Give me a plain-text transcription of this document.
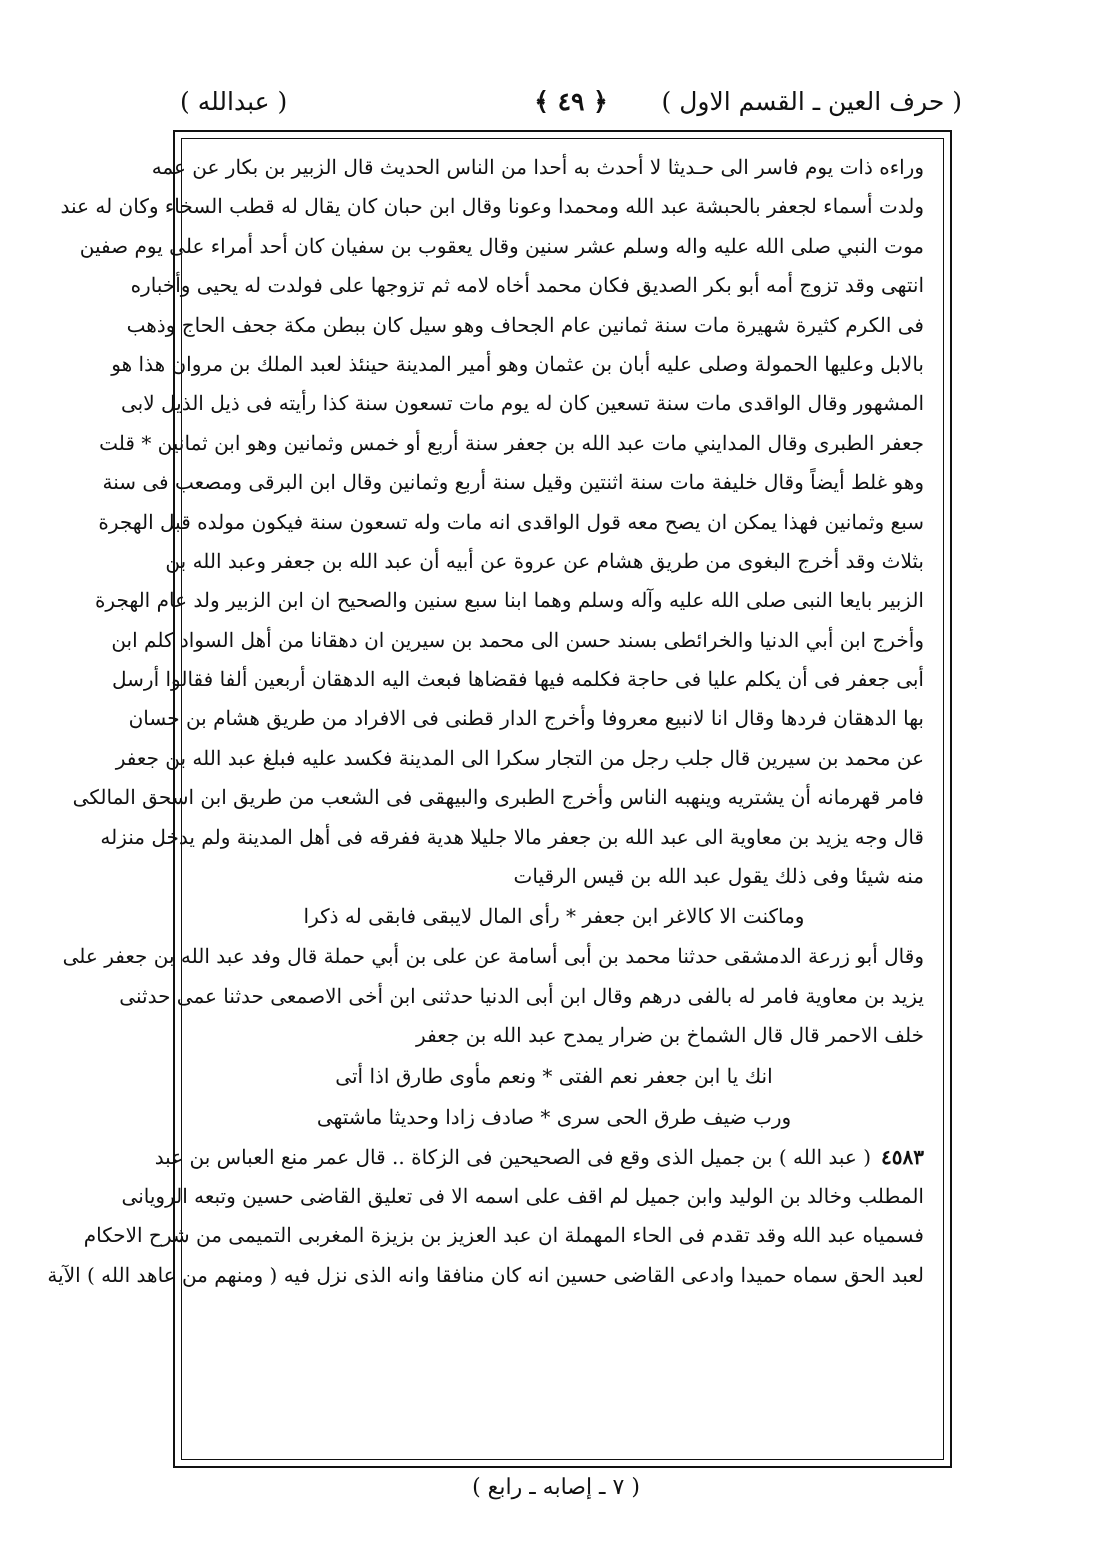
( حرف العين ـ القسم الاول )
﴿ ٤٩ ﴾
( عبدالله )
وراءه ذات يوم فاسر الى حـديثا لا أحدث به أحدا من الناس الحديث قال الزبير بن بكار عن عمه
ولدت أسماء لجعفر بالحبشة عبد الله ومحمدا وعونا وقال ابن حبان كان يقال له قطب السخاء وكان له عند
موت النبي صلى الله عليه واله وسلم عشر سنين وقال يعقوب بن سفيان كان أحد أمراء على يوم صفين
انتهى وقد تزوج أمه أبو بكر الصديق فكان محمد أخاه لامه ثم تزوجها على فولدت له يحيى وأخباره
فى الكرم كثيرة شهيرة مات سنة ثمانين عام الجحاف وهو سيل كان ببطن مكة جحف الحاج وذهب
بالابل وعليها الحمولة وصلى عليه أبان بن عثمان وهو أمير المدينة حينئذ لعبد الملك بن مروان هذا هو
المشهور وقال الواقدى مات سنة تسعين كان له يوم مات تسعون سنة كذا رأيته فى ذيل الذيل لابى
جعفر الطبرى وقال المدايني مات عبد الله بن جعفر سنة أربع أو خمس وثمانين وهو ابن ثمانين * قلت
وهو غلط أيضاً وقال خليفة مات سنة اثنتين وقيل سنة أربع وثمانين وقال ابن البرقى ومصعب فى سنة
سبع وثمانين فهذا يمكن ان يصح معه قول الواقدى انه مات وله تسعون سنة فيكون مولده قبل الهجرة
بثلاث وقد أخرج البغوى من طريق هشام عن عروة عن أبيه أن عبد الله بن جعفر وعبد الله بن
الزبير بايعا النبى صلى الله عليه وآله وسلم وهما ابنا سبع سنين والصحيح ان ابن الزبير ولد عام الهجرة
وأخرج ابن أبي الدنيا والخرائطى بسند حسن الى محمد بن سيرين ان دهقانا من أهل السواد كلم ابن
أبى جعفر فى أن يكلم عليا فى حاجة فكلمه فيها فقضاها فبعث اليه الدهقان أربعين ألفا فقالوا أرسل
بها الدهقان فردها وقال انا لانبيع معروفا وأخرج الدار قطنى فى الافراد من طريق هشام بن حسان
عن محمد بن سيرين قال جلب رجل من التجار سكرا الى المدينة فكسد عليه فبلغ عبد الله بن جعفر
فامر قهرمانه أن يشتريه وينهبه الناس وأخرج الطبرى والبيهقى فى الشعب من طريق ابن اسحق المالكى
قال وجه يزيد بن معاوية الى عبد الله بن جعفر مالا جليلا هدية ففرقه فى أهل المدينة ولم يدخل منزله
منه شيئا وفى ذلك يقول عبد الله بن قيس الرقيات
وماكنت الا كالاغر ابن جعفر * رأى المال لايبقى فابقى له ذكرا
وقال أبو زرعة الدمشقى حدثنا محمد بن أبى أسامة عن على بن أبي حملة قال وفد عبد الله بن جعفر على
يزيد بن معاوية فامر له بالفى درهم وقال ابن أبى الدنيا حدثنى ابن أخى الاصمعى حدثنا عمى حدثنى
خلف الاحمر قال قال الشماخ بن ضرار يمدح عبد الله بن جعفر
انك يا ابن جعفر نعم الفتى * ونعم مأوى طارق اذا أتى
ورب ضيف طرق الحى سرى * صادف زادا وحديثا ماشتهى
٤٥٨٣( عبد الله ) بن جميل الذى وقع فى الصحيحين فى الزكاة .. قال عمر منع العباس بن عبد
المطلب وخالد بن الوليد وابن جميل لم اقف على اسمه الا فى تعليق القاضى حسين وتبعه الرويانى
فسمياه عبد الله وقد تقدم فى الحاء المهملة ان عبد العزيز بن بزيزة المغربى التميمى من شرح الاحكام
لعبد الحق سماه حميدا وادعى القاضى حسين انه كان منافقا وانه الذى نزل فيه ( ومنهم من عاهد الله ) الآية
( ٧ ـ إصابه ـ رابع )
